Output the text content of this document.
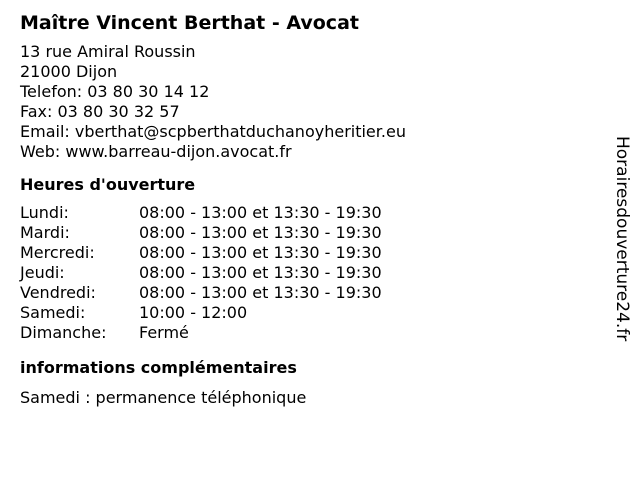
Maître Vincent Berthat - Avocat
13 rue Amiral Roussin
21000 Dijon
Telefon: 03 80 30 14 12
Fax: 03 80 30 32 57
Email: vberthat@scpberthatduchanoyheritier.eu
Web: www.barreau-dijon.avocat.fr
Heures d'ouverture
Lundi:	08:00 - 13:00 et 13:30 - 19:30
Mardi:	08:00 - 13:00 et 13:30 - 19:30
Mercredi:	08:00 - 13:00 et 13:30 - 19:30
Jeudi:	08:00 - 13:00 et 13:30 - 19:30
Vendredi:	08:00 - 13:00 et 13:30 - 19:30
Samedi:	10:00 - 12:00
Dimanche: Fermé
informations complémentaires
Samedi : permanence téléphonique
Horairesdouverture24.fr
